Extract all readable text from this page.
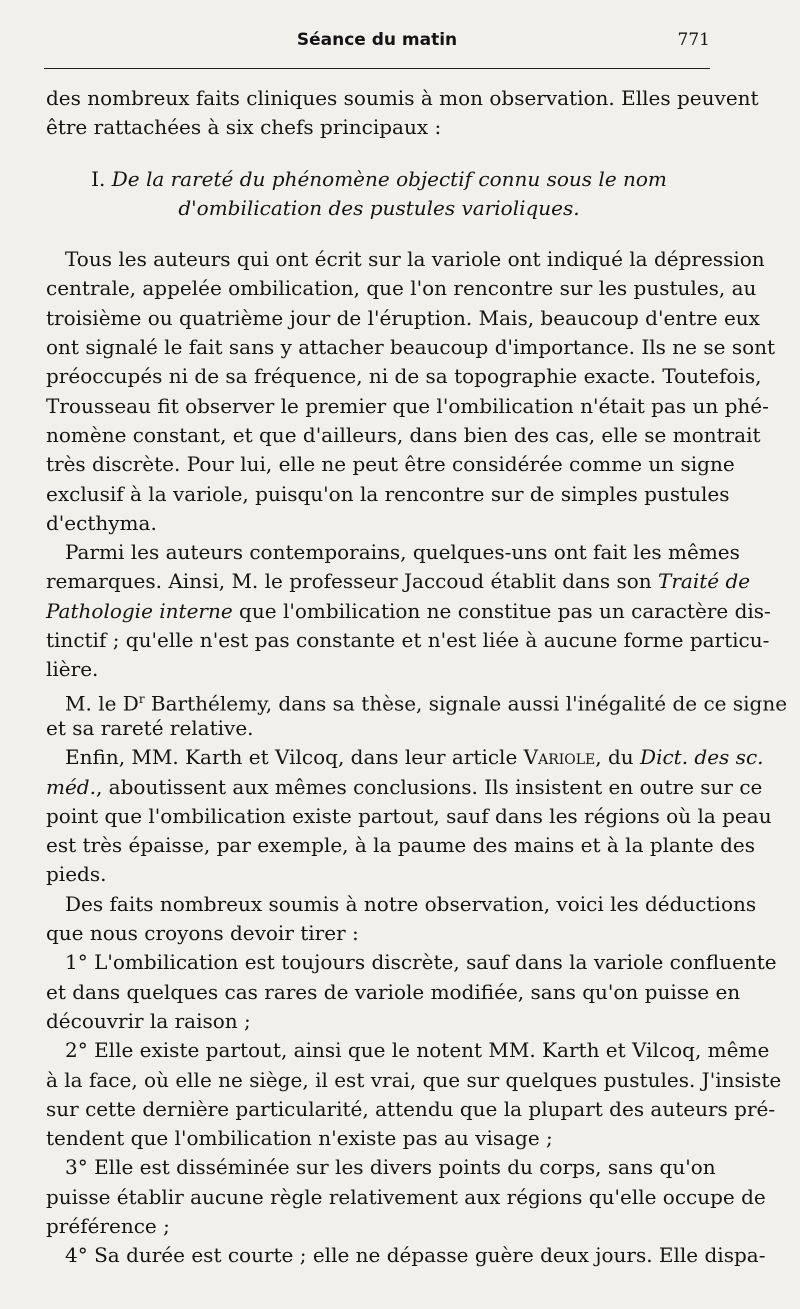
Séance du matin	771
des nombreux faits cliniques soumis à mon observation. Elles peuvent
être rattachées à six chefs principaux :
I. De la rareté du phénomène objectif connu sous le nom
d'ombilication des pustules varioliques.
Tous les auteurs qui ont écrit sur la variole ont indiqué la dépression
centrale, appelée ombilication, que l'on rencontre sur les pustules, au
troisième ou quatrième jour de l'éruption. Mais, beaucoup d'entre eux
ont signalé le fait sans y attacher beaucoup d'importance. Ils ne se sont
préoccupés ni de sa fréquence, ni de sa topographie exacte. Toutefois,
Trousseau fit observer le premier que l'ombilication n'était pas un phé-
nomène constant, et que d'ailleurs, dans bien des cas, elle se montrait
très discrète. Pour lui, elle ne peut être considérée comme un signe
exclusif à la variole, puisqu'on la rencontre sur de simples pustules
d'ecthyma.
Parmi les auteurs contemporains, quelques-uns ont fait les mêmes
remarques. Ainsi, M. le professeur Jaccoud établit dans son Traité de
Pathologie interne que l'ombilication ne constitue pas un caractère dis-
tinctif ; qu'elle n'est pas constante et n'est liée à aucune forme particu-
lière.
M. le $D^r$ Barthélemy, dans sa thèse, signale aussi l'inégalité de ce signe
et sa rareté relative.
Enfin, MM. Karth et Vilcoq, dans leur article Variole, du Dict. des sc.
méd., aboutissent aux mêmes conclusions. Ils insistent en outre sur ce
point que l'ombilication existe partout, sauf dans les régions où la peau
est très épaisse, par exemple, à la paume des mains et à la plante des
pieds.
Des faits nombreux soumis à notre observation, voici les déductions
que nous croyons devoir tirer :
1° L'ombilication est toujours discrète, sauf dans la variole confluente
et dans quelques cas rares de variole modifiée, sans qu'on puisse en
découvrir la raison ;
2° Elle existe partout, ainsi que le notent MM. Karth et Vilcoq, même
à la face, où elle ne siège, il est vrai, que sur quelques pustules. J'insiste
sur cette dernière particularité, attendu que la plupart des auteurs pré-
tendent que l'ombilication n'existe pas au visage ;
3° Elle est disséminée sur les divers points du corps, sans qu'on
puisse établir aucune règle relativement aux régions qu'elle occupe de
préférence ;
4° Sa durée est courte ; elle ne dépasse guère deux jours. Elle dispa-
